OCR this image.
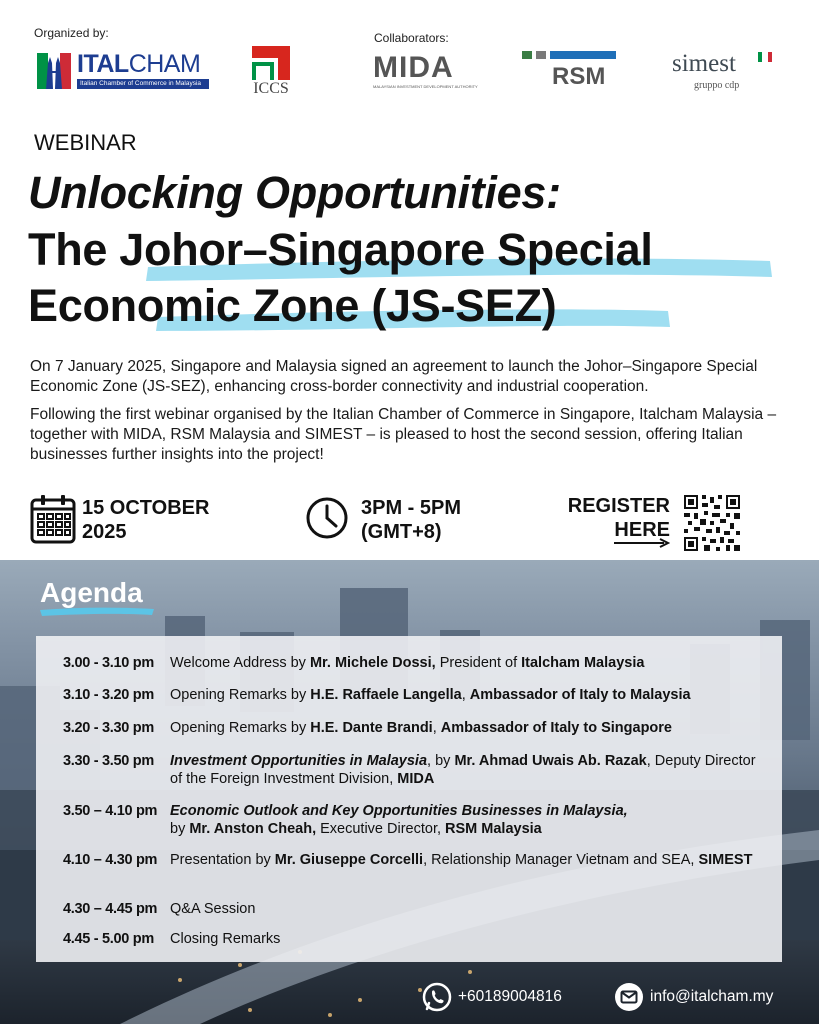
Organized by:	Collaborators:
ITALCHAM
Italian Chamber of Commerce in Malaysia	ICCS
MIDA
MALAYSIAN INVESTMENT DEVELOPMENT AUTHORITY	RSM	simest
gruppo cdp
WEBINAR
Unlocking Opportunities:
The Johor–Singapore Special
Economic Zone (JS-SEZ)

On 7 January 2025, Singapore and Malaysia signed an agreement to launch the Johor–Singapore Special Economic Zone (JS-SEZ), enhancing cross-border connectivity and industrial cooperation.

Following the first webinar organised by the Italian Chamber of Commerce in Singapore, Italcham Malaysia – together with MIDA, RSM Malaysia and SIMEST – is pleased to host the second session, offering Italian businesses further insights into the project!

15 OCTOBER
2025
3PM - 5PM
(GMT+8)
REGISTER
HERE
Agenda
3.00 - 3.10 pm	Welcome Address by Mr. Michele Dossi, President of Italcham Malaysia
3.10 - 3.20 pm	Opening Remarks by H.E. Raffaele Langella, Ambassador of Italy to Malaysia
3.20 - 3.30 pm	Opening Remarks by H.E. Dante Brandi, Ambassador of Italy to Singapore
3.30 - 3.50 pm	Investment Opportunities in Malaysia, by Mr. Ahmad Uwais Ab. Razak, Deputy Director of the Foreign Investment Division, MIDA
3.50 – 4.10 pm Economic Outlook and Key Opportunities Businesses in Malaysia,
by Mr. Anston Cheah, Executive Director, RSM Malaysia
4.10 – 4.30 pm Presentation by Mr. Giuseppe Corcelli, Relationship Manager Vietnam and SEA, SIMEST
4.30 – 4.45 pm Q&A Session
4.45 - 5.00 pm	Closing Remarks
+60189004816	info@italcham.my
